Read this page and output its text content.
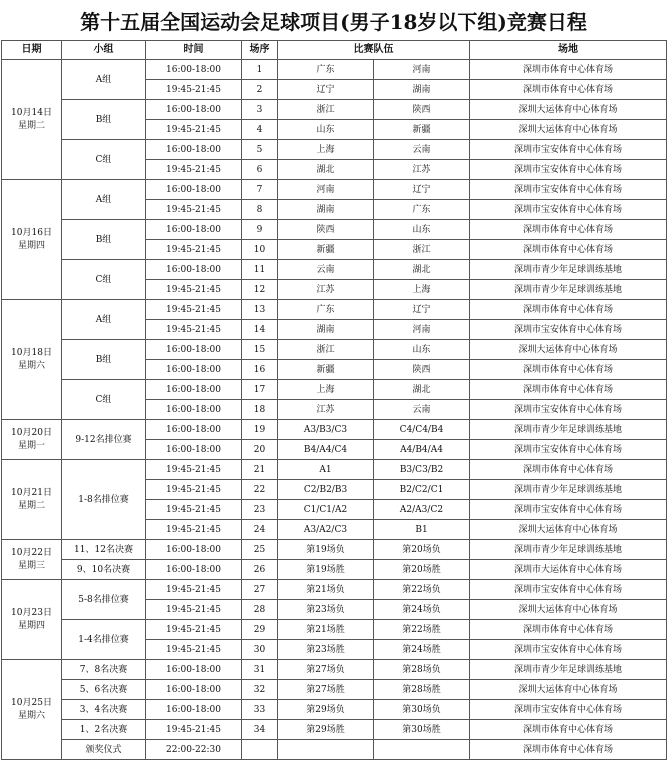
第十五届全国运动会足球项目(男子18岁以下组)竞赛日程
日期	小组	时间	场序	比赛队伍		场地

10月14日
星期二	A组	16:00-18:00	1	广东	河南	深圳市体育中心体育场
		19:45-21:45	2	辽宁	湖南	深圳市体育中心体育场
	B组	16:00-18:00	3	浙江	陕西	深圳大运体育中心体育场
		19:45-21:45	4	山东	新疆	深圳大运体育中心体育场
	C组	16:00-18:00	5	上海	云南	深圳市宝安体育中心体育场
		19:45-21:45	6	湖北	江苏	深圳市宝安体育中心体育场

10月16日
星期四	A组	16:00-18:00	7	河南	辽宁	深圳市宝安体育中心体育场
		19:45-21:45	8	湖南	广东	深圳市宝安体育中心体育场
	B组	16:00-18:00	9	陕西	山东	深圳市体育中心体育场
		19:45-21:45	10	新疆	浙江	深圳市体育中心体育场
	C组	16:00-18:00	11	云南	湖北	深圳市青少年足球训练基地
		19:45-21:45	12	江苏	上海	深圳市青少年足球训练基地

10月18日
星期六	A组	19:45-21:45	13	广东	辽宁	深圳市体育中心体育场
		19:45-21:45	14	湖南	河南	深圳市宝安体育中心体育场
	B组	16:00-18:00	15	浙江	山东	深圳大运体育中心体育场
		16:00-18:00	16	新疆	陕西	深圳市体育中心体育场
	C组	16:00-18:00	17	上海	湖北	深圳市体育中心体育场
		16:00-18:00	18	江苏	云南	深圳市宝安体育中心体育场

10月20日
星期一	9-12名排位赛	16:00-18:00	19	A3/B3/C3	C4/C4/B4	深圳市青少年足球训练基地
		16:00-18:00	20	B4/A4/C4	A4/B4/A4	深圳市宝安体育中心体育场

10月21日
星期二	1-8名排位赛	19:45-21:45	21	A1	B3/C3/B2	深圳市体育中心体育场
		19:45-21:45	22	C2/B2/B3	B2/C2/C1	深圳市青少年足球训练基地
		19:45-21:45	23	C1/C1/A2	A2/A3/C2	深圳市宝安体育中心体育场
		19:45-21:45	24	A3/A2/C3	B1	深圳大运体育中心体育场

10月22日
星期三	11、12名决赛	16:00-18:00	25	第19场负	第20场负	深圳市青少年足球训练基地
	9、10名决赛	16:00-18:00	26	第19场胜	第20场胜	深圳市大运体育中心体育场

10月23日
星期四	5-8名排位赛	19:45-21:45	27	第21场负	第22场负	深圳市宝安体育中心体育场
		19:45-21:45	28	第23场负	第24场负	深圳大运体育中心体育场
	1-4名排位赛	19:45-21:45	29	第21场胜	第22场胜	深圳市体育中心体育场
		19:45-21:45	30	第23场胜	第24场胜	深圳市宝安体育中心体育场

10月25日
星期六	7、8名决赛	16:00-18:00	31	第27场负	第28场负	深圳市青少年足球训练基地
	5、6名决赛	16:00-18:00	32	第27场胜	第28场胜	深圳大运体育中心体育场
	3、4名决赛	16:00-18:00	33	第29场负	第30场负	深圳市宝安体育中心体育场
	1、2名决赛	19:45-21:45	34	第29场胜	第30场胜	深圳市体育中心体育场
	颁奖仪式	22:00-22:30				深圳市体育中心体育场
